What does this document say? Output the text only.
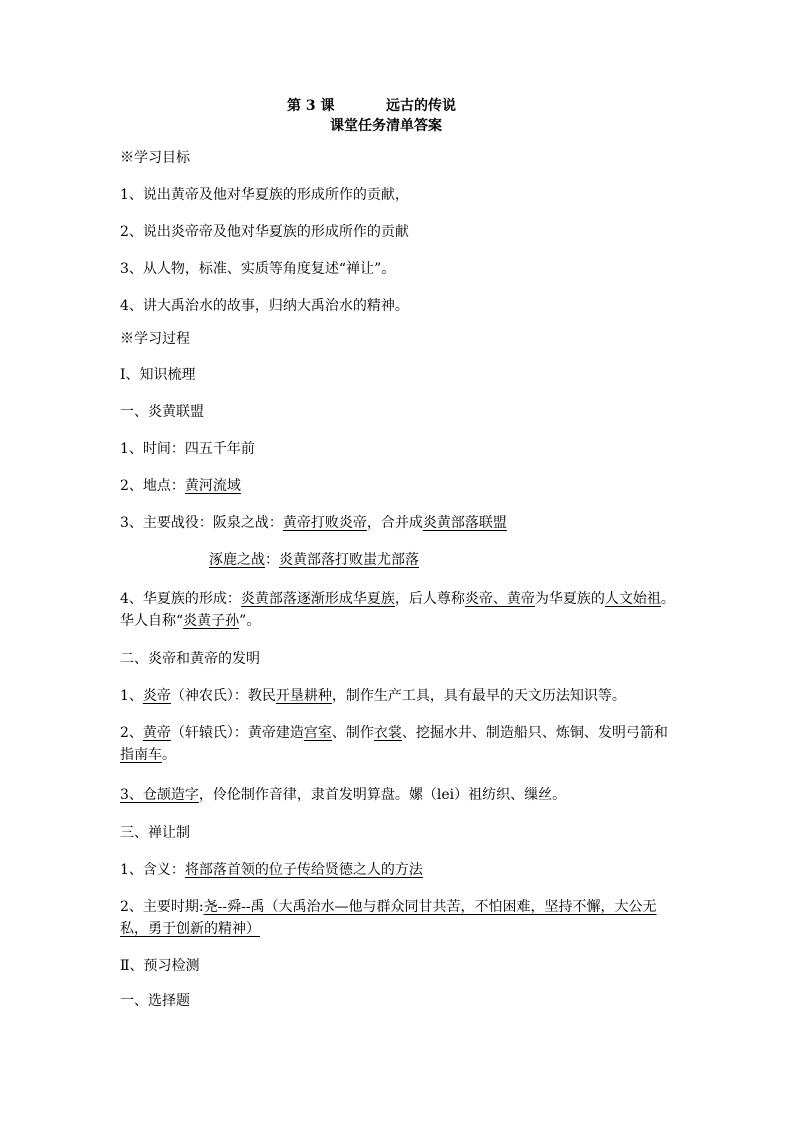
第 3 课	远古的传说
课堂任务清单答案
※学习目标
1、说出黄帝及他对华夏族的形成所作的贡献，
2、说出炎帝帝及他对华夏族的形成所作的贡献
3、从人物，标准、实质等角度复述“禅让”。
4、讲大禹治水的故事，归纳大禹治水的精神。
※学习过程
Ⅰ、知识梳理
一、炎黄联盟
1、时间：四五千年前
2、地点：黄河流域
3、主要战役：阪泉之战：黄帝打败炎帝，合并成炎黄部落联盟
涿鹿之战：炎黄部落打败蚩尤部落
4、华夏族的形成：炎黄部落逐渐形成华夏族，后人尊称炎帝、黄帝为华夏族的人文始祖。
华人自称“炎黄子孙”。
二、炎帝和黄帝的发明
1、炎帝（神农氏）：教民开垦耕种，制作生产工具，具有最早的天文历法知识等。
2、黄帝（轩辕氏）：黄帝建造宫室、制作衣裳、挖掘水井、制造船只、炼铜、发明弓箭和
指南车。
3、仓颉造字，伶伦制作音律，隶首发明算盘。嫘（lei）祖纺织、缫丝。
三、禅让制
1、含义：将部落首领的位子传给贤德之人的方法
2、主要时期:尧--舜--禹（大禹治水—他与群众同甘共苦，不怕困难，坚持不懈，大公无
私，勇于创新的精神）
Ⅱ、预习检测
一、选择题
